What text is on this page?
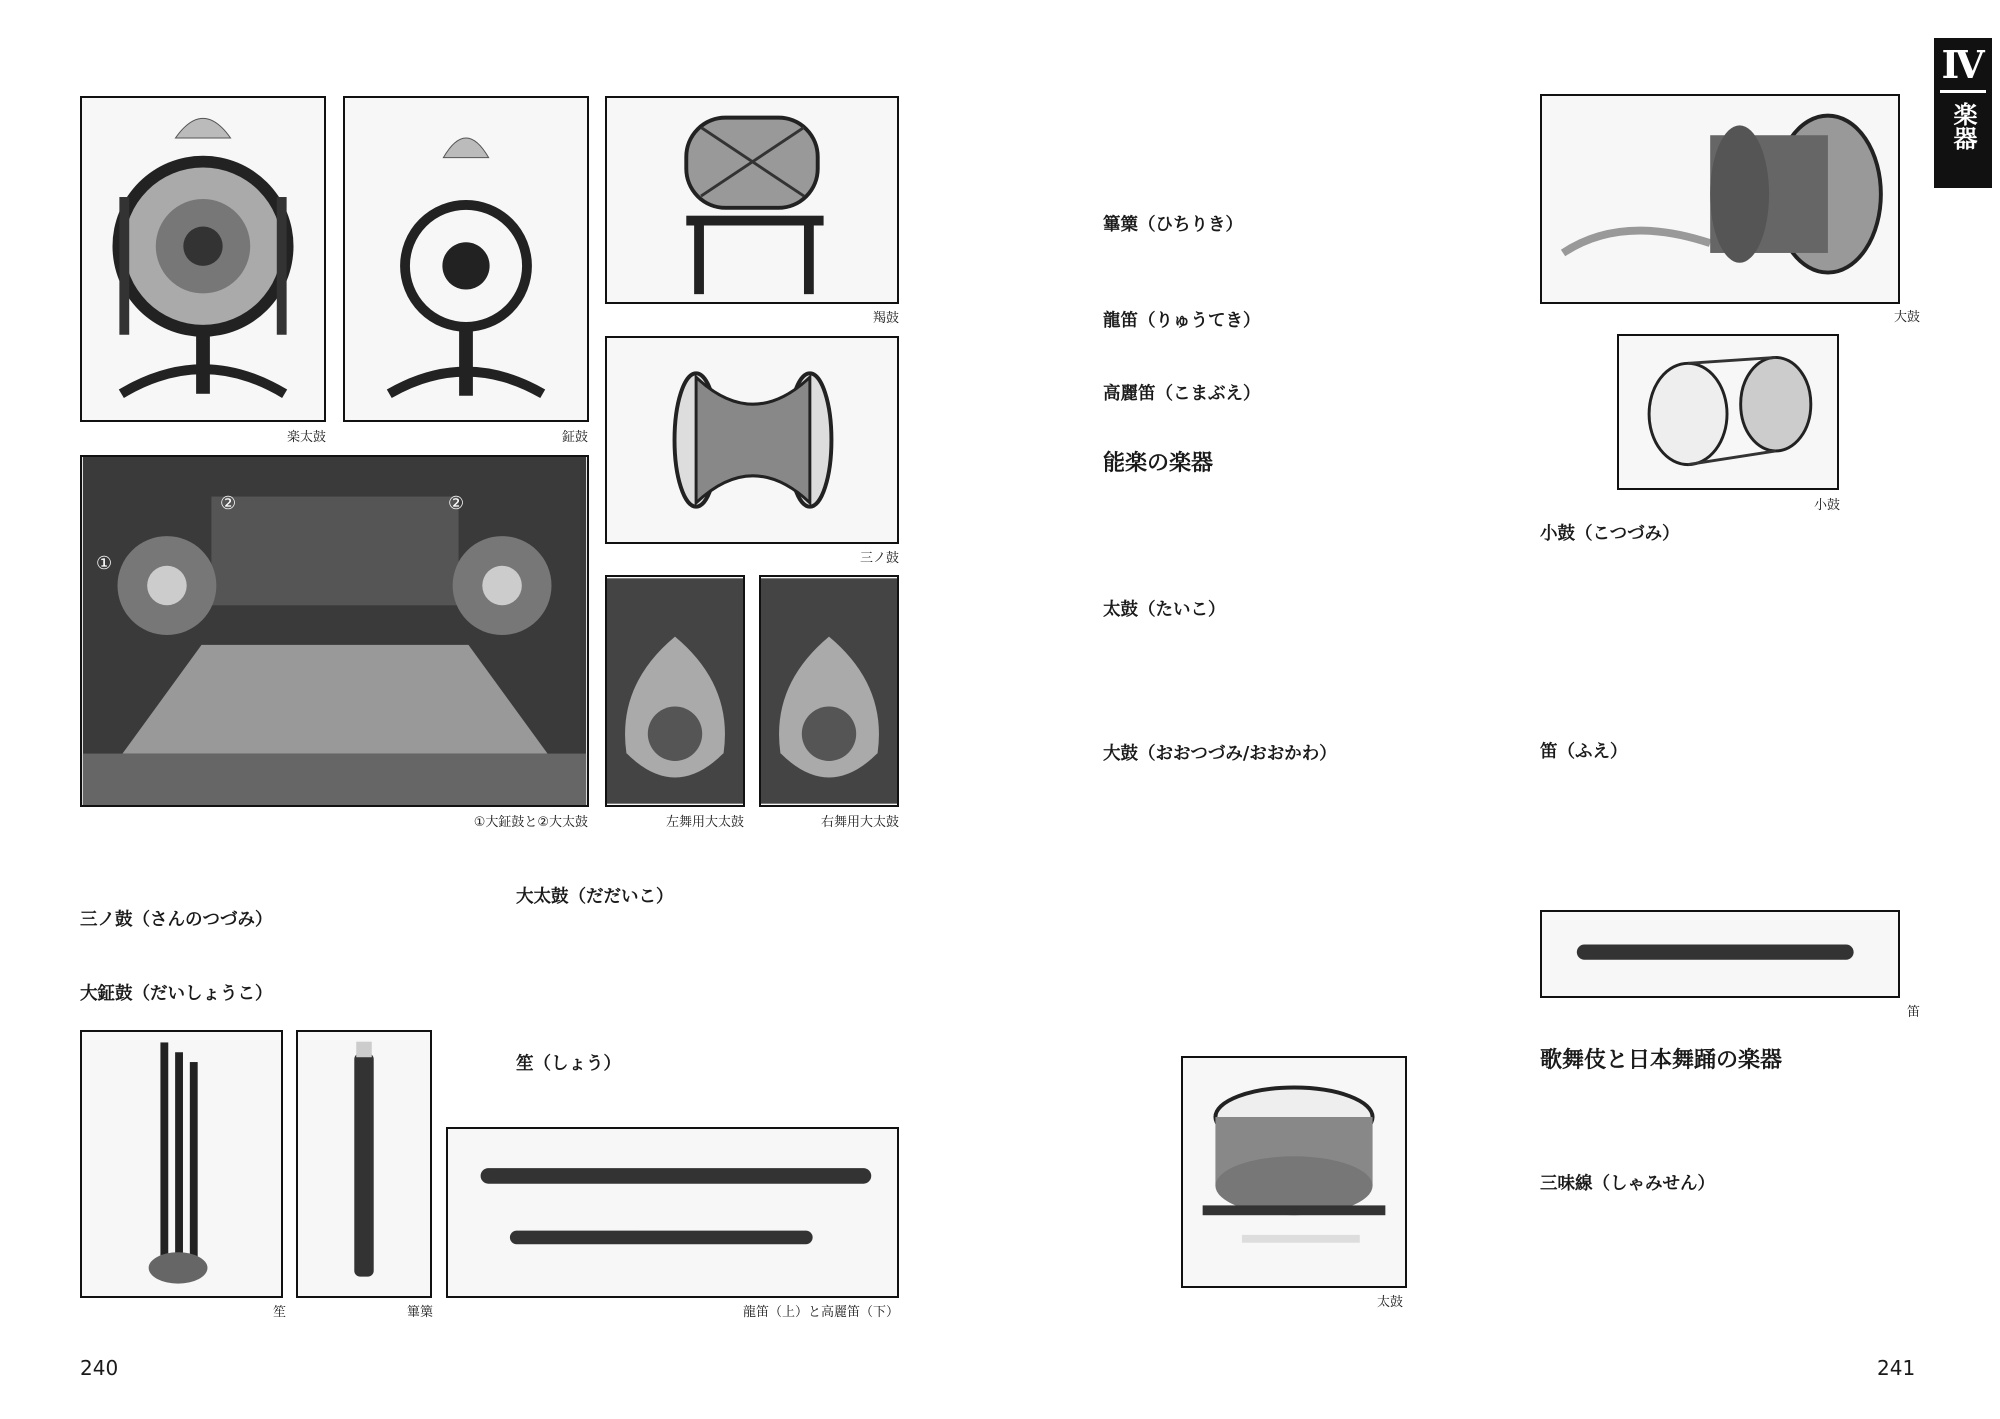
Ⅳ
楽器
楽太鼓	鉦鼓
羯鼓
三ノ鼓
①
②	②
①大鉦鼓と②大太鼓	左舞用大太鼓	右舞用大太鼓
三ノ鼓（さんのつづみ）
大鉦鼓（だいしょうこ）
大太鼓（だだいこ）
笙（しょう）
笙	篳篥	龍笛（上）と高麗笛（下）
240
篳篥（ひちりき）
龍笛（りゅうてき）
高麗笛（こまぶえ）
能楽の楽器
太鼓（たいこ）
大鼓（おおつづみ/おおかわ）
太鼓
大鼓
小鼓
小鼓（こつづみ）
笛（ふえ）
笛
歌舞伎と日本舞踊の楽器
三味線（しゃみせん）
241
